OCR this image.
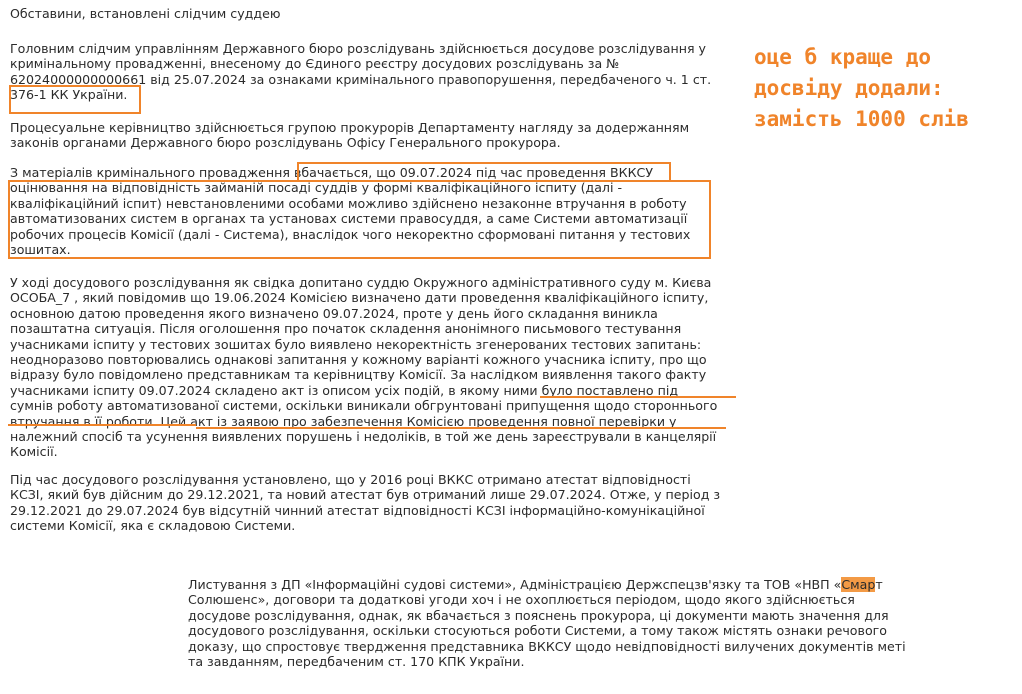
Обставини, встановлені слідчим суддею

Головним слідчим управлінням Державного бюро розслідувань здійснюється досудове розслідування у кримінальному провадженні, внесеному до Єдиного реєстру досудових розслідувань за № 62024000000000661 від 25.07.2024 за ознаками кримінального правопорушення, передбаченого ч. 1 ст. 376-1 КК України.

Процесуальне керівництво здійснюється групою прокурорів Департаменту нагляду за додержанням законів органами Державного бюро розслідувань Офісу Генерального прокурора.

З матеріалів кримінального провадження вбачається, що 09.07.2024 під час проведення ВККСУ оцінювання на відповідність займаній посаді суддів у формі кваліфікаційного іспиту (далі - кваліфікаційний іспит) невстановленими особами можливо здійснено незаконне втручання в роботу автоматизованих систем в органах та установах системи правосуддя, а саме Системи автоматизації робочих процесів Комісії (далі - Система), внаслідок чого некоректно сформовані питання у тестових зошитах.

У ході досудового розслідування як свідка допитано суддю Окружного адміністративного суду м. Києва ОСОБА_7 , який повідомив що 19.06.2024 Комісією визначено дати проведення кваліфікаційного іспиту, основною датою проведення якого визначено 09.07.2024, проте у день його складання виникла позаштатна ситуація. Після оголошення про початок складення анонімного письмового тестування учасниками іспиту у тестових зошитах було виявлено некоректність згенерованих тестових запитань: неодноразово повторювались однакові запитання у кожному варіанті кожного учасника іспиту, про що відразу було повідомлено представникам та керівництву Комісії. За наслідком виявлення такого факту учасниками іспиту 09.07.2024 складено акт із описом усіх подій, в якому ними було поставлено під сумнів роботу автоматизованої системи, оскільки виникали обгрунтовані припущення щодо стороннього втручання в її роботи. Цей акт із заявою про забезпечення Комісією проведення повної перевірки у належний спосіб та усунення виявлених порушень і недоліків, в той же день зареєстрували в канцелярії Комісії.

Під час досудового розслідування установлено, що у 2016 році ВККС отримано атестат відповідності КСЗІ, який був дійсним до 29.12.2021, та новий атестат був отриманий лише 29.07.2024. Отже, у період з 29.12.2021 до 29.07.2024 був відсутній чинний атестат відповідності КСЗІ інформаційно-комунікаційної системи Комісії, яка є складовою Системи.

Листування з ДП «Інформаційні судові системи», Адміністрацією Держспецзв'язку та ТОВ «НВП «Смарт Солюшенс», договори та додаткові угоди хоч і не охоплюється періодом, щодо якого здійснюється досудове розслідування, однак, як вбачається з пояснень прокурора, ці документи мають значення для досудового розслідування, оскільки стосуються роботи Системи, а тому також містять ознаки речового доказу, що спростовує твердження представника ВККСУ щодо невідповідності вилучених документів меті та завданням, передбаченим ст. 170 КПК України.

оце б краще до досвіду додали: замість 1000 слів
